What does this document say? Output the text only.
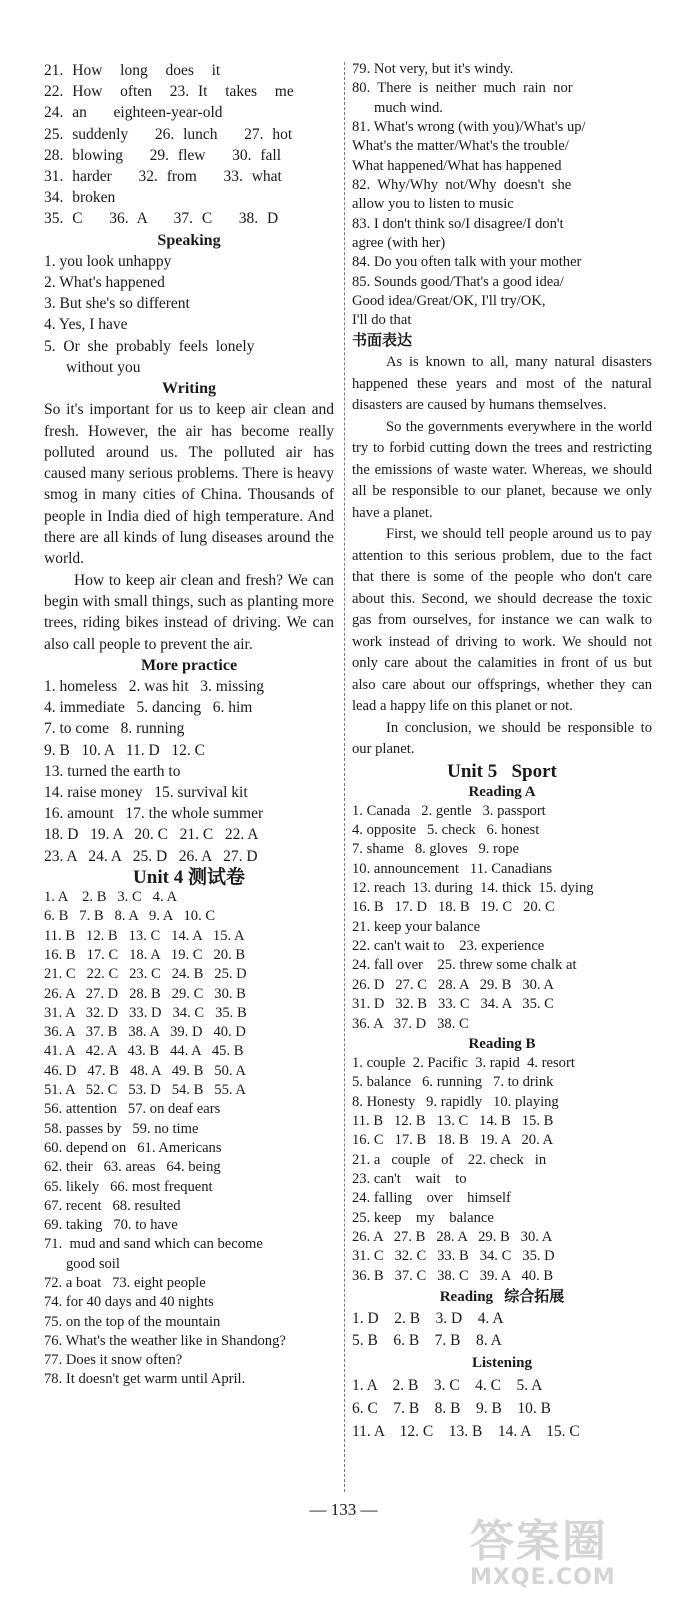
21. How  long  does  it
22. How  often  23. It  takes  me
24. an   eighteen-year-old
25. suddenly   26. lunch   27. hot
28. blowing   29. flew   30. fall
31. harder   32. from   33. what
34. broken
35. C   36. A   37. C   38. D
Speaking
1. you look unhappy
2. What's happened
3. But she's so different
4. Yes, I have
5.  Or  she  probably  feels  lonely
without you
Writing

So it's important for us to keep air clean and fresh. However, the air has become really polluted around us. The polluted air has caused many serious problems. There is heavy smog in many cities of China. Thousands of people in India died of high temperature. And there are all kinds of lung diseases around the world.

How to keep air clean and fresh? We can begin with small things, such as planting more trees, riding bikes instead of driving. We can also call people to prevent the air.

More practice
1. homeless   2. was hit   3. missing
4. immediate   5. dancing   6. him
7. to come   8. running
9. B   10. A   11. D   12. C
13. turned the earth to
14. raise money   15. survival kit
16. amount   17. the whole summer
18. D   19. A   20. C   21. C   22. A
23. A   24. A   25. D   26. A   27. D
Unit 4 测试卷
1. A    2. B   3. C   4. A
6. B   7. B   8. A   9. A   10. C
11. B   12. B   13. C   14. A   15. A
16. B   17. C   18. A   19. C   20. B
21. C   22. C   23. C   24. B   25. D
26. A   27. D   28. B   29. C   30. B
31. A   32. D   33. D   34. C   35. B
36. A   37. B   38. A   39. D   40. D
41. A   42. A   43. B   44. A   45. B
46. D   47. B   48. A   49. B   50. A
51. A   52. C   53. D   54. B   55. A
56. attention   57. on deaf ears
58. passes by   59. no time
60. depend on   61. Americans
62. their   63. areas   64. being
65. likely   66. most frequent
67. recent   68. resulted
69. taking   70. to have
71.  mud and sand which can become
good soil
72. a boat   73. eight people
74. for 40 days and 40 nights
75. on the top of the mountain
76. What's the weather like in Shandong?
77. Does it snow often?
78. It doesn't get warm until April.
79. Not very, but it's windy.
80.  There  is  neither  much  rain  nor
much wind.
81. What's wrong (with you)/What's up/
What's the matter/What's the trouble/
What happened/What has happened
82.  Why/Why  not/Why  doesn't  she
allow you to listen to music
83. I don't think so/I disagree/I don't
agree (with her)
84. Do you often talk with your mother
85. Sounds good/That's a good idea/
Good idea/Great/OK, I'll try/OK,
I'll do that
书面表达

As is known to all, many natural disasters happened these years and most of the natural disasters are caused by humans themselves.

So the governments everywhere in the world try to forbid cutting down the trees and restricting the emissions of waste water. Whereas, we should all be responsible to our planet, because we only have a planet.

First, we should tell people around us to pay attention to this serious problem, due to the fact that there is some of the people who don't care about this. Second, we should decrease the toxic gas from ourselves, for instance we can walk to work instead of driving to work. We should not only care about the calamities in front of us but also care about our offsprings, whether they can lead a happy life on this planet or not.

In conclusion, we should be responsible to our planet.

Unit 5   Sport
Reading A
1. Canada   2. gentle   3. passport
4. opposite   5. check   6. honest
7. shame   8. gloves   9. rope
10. announcement   11. Canadians
12. reach  13. during  14. thick  15. dying
16. B   17. D   18. B   19. C   20. C
21. keep your balance
22. can't wait to    23. experience
24. fall over    25. threw some chalk at
26. D   27. C   28. A   29. B   30. A
31. D   32. B   33. C   34. A   35. C
36. A   37. D   38. C
Reading B
1. couple  2. Pacific  3. rapid  4. resort
5. balance   6. running   7. to drink
8. Honesty   9. rapidly   10. playing
11. B   12. B   13. C   14. B   15. B
16. C   17. B   18. B   19. A   20. A
21. a   couple   of    22. check   in
23. can't    wait    to
24. falling    over    himself
25. keep    my    balance
26. A   27. B   28. A   29. B   30. A
31. C   32. C   33. B   34. C   35. D
36. B   37. C   38. C   39. A   40. B
Reading   综合拓展
1. D    2. B    3. D    4. A
5. B    6. B    7. B    8. A
Listening
1. A    2. B    3. C    4. C    5. A
6. C    7. B    8. B    9. B    10. B
11. A    12. C    13. B    14. A    15. C
— 133 —
答案圈
MXQE.COM
